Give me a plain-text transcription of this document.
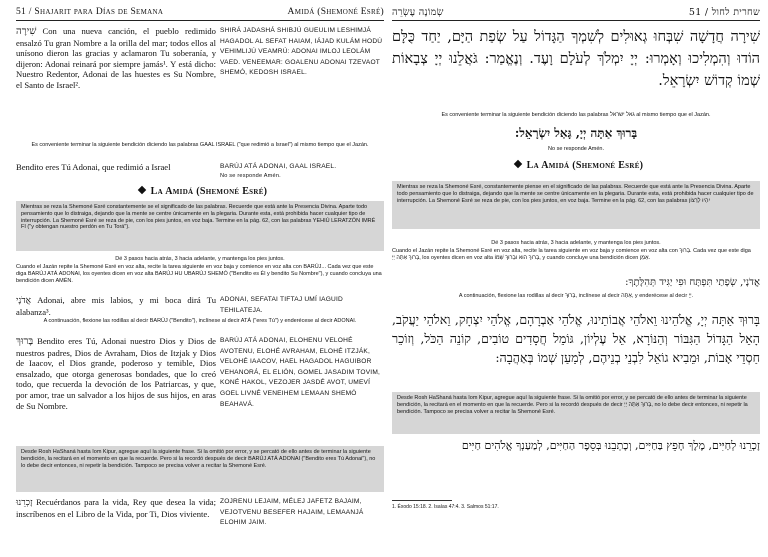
51 / Shajarit para Días de Semana	Amidá (Shemoné Esré)
שִׁירָה Con una nueva canción, el pueblo redimido ensalzó Tu gran Nombre a la orilla del mar; todos ellos al unísono dieron las gracias y aclamaron Tu soberanía, y dijeron: Adonai reinará por siempre jamás¹. Y está dicho: Nuestro Redentor, Adonai de las huestes es Su Nombre, el Santo de Israel².
SHIRÁ JADASHÁ SHIBJÚ GUEULIM LESHIMJÁ HAGADOL AL SEFAT HAIAM, IÁJAD KULÁM HODÚ VEHIMLIJÚ VEAMRÚ: ADONAI IMLOJ LEOLÁM VAED. VENEEMAR: GOALENU ADONAI TZEVAOT SHEMÓ, KEDOSH ISRAEL.
Es conveniente terminar la siguiente bendición diciendo las palabras GAAL ISRAEL ("que redimió a Israel") al mismo tiempo que el Jazán.
Bendito eres Tú Adonai, que redimió a Israel	BARÚJ ATÁ ADONAI, GAAL ISRAEL.
No se responde Amén.
La Amidá (Shemoné Esré)
Mientras se reza la Shemoné Esré constantemente se el significado de las palabras. Recuerde que está ante la Presencia Divina. Aparte todo pensamiento que lo distraiga, dejando que la mente se centre únicamente en la plegaria. Durante esta, está prohibida hacer cualquier tipo de interrupción. La Shemoné Esré se reza de pie, con los pies juntos, en voz baja. Termine en la pág. 62, con las palabras YEHIÚ LERATZÓN IMRÉ FI ("y obtengan nuestro perdón en Tu Torá").
Dé 3 pasos hacia atrás, 3 hacia adelante, y mantenga los pies juntos.
Cuando el Jazán repite la Shemoné Esré en voz alta, recite la tarea siguiente en voz baja y comience en voz alta con BARÚJ... Cada vez que este diga BARÚJ ATÁ ADONAI, los oyentes dicen en voz alta BARÚJ HU UBARÚJ SHEMÓ ("Bendito es Él y bendito Su Nombre"), y cuando concluya una bendición dicen AMÉN.
אֲדֹנָי Adonai, abre mis labios, y mi boca dirá Tu alabanza³.
ADONAI, SEFATAI TIFTAJ UMÍ IAGUID TEHILATEJA.
A continuación, flexione las rodillas al decir BARÚJ ("Bendito"), inclínese al decir ATÁ ("eres Tú") y enderécese al decir ADONAI.
בָּרוּךְ Bendito eres Tú, Adonai nuestro Dios y Dios de nuestros padres, Dios de Avraham, Dios de Itzjak y Dios de Iaacov, el Dios grande, poderoso y temible, Dios ensalzado, que otorga generosas bondades, que lo creó todo, que recuerda la devoción de los Patriarcas, y que, por amor, trae un salvador a los hijos de sus hijos, en aras de Su Nombre.
BARÚJ ATÁ ADONAI, ELOHENU VELOHÉ AVOTENU, ELOHÉ AVRAHAM, ELOHÉ ITZJÁK, VELOHÉ IAACOV, HAEL HAGADOL HAGUIBOR VEHANORÁ, EL ELIÓN, GOMEL JASADIM TOVIM, KONÉ HAKOL, VEZOJER JASDÉ AVOT, UMEVÍ GOEL LIVNÉ VENEIHEM LEMAAN SHEMÓ BEAHAVÁ.
Desde Rosh HaShaná hasta Iom Kipur, agregue aquí la siguiente frase. Si la omitió por error, y se percató de ello antes de terminar la siguiente bendición, la recitará en el momento en que la recuerde. Pero si la recordó después de decir BARÚJ ATÁ ADONAI ("Bendito eres Tú Adonai"), no lo debe decir entonces, ni repetir la bendición. Tampoco se precisa volver a recitar la Shemoné Esré.
זָכְרֵנוּ Recuérdanos para la vida, Rey que desea la vida; inscríbenos en el Libro de la Vida, por Ti, Dios viviente.
ZOJRENU LEJAIM, MÉLEJ JAFETZ BAJAIM, VEJOTVENU BESEFER HAJAIM, LEMAANJÁ ELOHIM JAIM.
שְׂמוֹנֶה עֶשְׂרֵה	שחרית לחול / 51
שִׁירָה חֲדָשָׁה שִׁבְּחוּ גְאוּלִים לְשִׁמְךָ הַגָּדוֹל עַל שְׂפַת הַיָּם, יַחַד כֻּלָּם הוֹדוּ וְהִמְלִיכוּ וְאָמְרוּ: יְיָ יִמְלֹךְ לְעֹלָם וָעֶד. וְנֶאֱמַר: גֹּאֲלֵנוּ יְיָ צְבָאוֹת שְׁמוֹ קְדוֹשׁ יִשְׂרָאֵל.
Es conveniente terminar la siguiente bendición diciendo las palabras גאל ישראל al mismo tiempo que el Jazán.
בָּרוּךְ אַתָּה יְיָ, גָּאַל יִשְׂרָאֵל:
No se responde Amén.
La Amidá (Shemoné Esré)
Mientras se reza la Shemoné Esré, constantemente piense en el significado de las palabras. Recuerde que está ante la Presencia Divina. Aparte todo pensamiento que lo distraiga, dejando que la mente se centre únicamente en la plegaria. Durante esta, está prohibida hacer cualquier tipo de interrupción. La Shemoné Esré se reza de pie, con los pies juntos, en voz baja. Termine en la pág. 62, con las palabras יִהְיוּ לְרָצוֹן
Dé 3 pasos hacia atrás, 3 hacia adelante, y mantenga los pies juntos.
Cuando el Jazán repite la Shemoné Esré en voz alta, recite la tarea siguiente en voz baja y comience en voz alta con בָּרוּךְ. Cada vez que este diga בָּרוּךְ אַתָּה יְיָ, los oyentes dicen en voz alta בָּרוּךְ הוּא וּבָרוּךְ שְׁמוֹ, y cuando concluye una bendición dicen אָמֵן.
אֲדֹנָי, שְׂפָתַי תִּפְתָּח וּפִי יַגִּיד תְּהִלָּתֶךָ:
A continuación, flexione las rodillas al decir בָּרוּךְ, inclínese al decir אַתָּה, y enderécese al decir יְיָ.
בָּרוּךְ אַתָּה יְיָ, אֱלֹהֵינוּ וֵאלֹהֵי אֲבוֹתֵינוּ, אֱלֹהֵי אַבְרָהָם, אֱלֹהֵי יִצְחָק, וֵאלֹהֵי יַעֲקֹב, הָאֵל הַגָּדוֹל הַגִּבּוֹר וְהַנּוֹרָא, אֵל עֶלְיוֹן, גּוֹמֵל חֲסָדִים טוֹבִים, קוֹנֵה הַכֹּל, וְזוֹכֵר חַסְדֵי אָבוֹת, וּמֵבִיא גוֹאֵל לִבְנֵי בְנֵיהֶם, לְמַעַן שְׁמוֹ בְּאַהֲבָה:
Desde Rosh HaShaná hasta Iom Kipur, agregue aquí la siguiente frase. Si la omitió por error, y se percató de ello antes de terminar la siguiente bendición, la recitará en el momento en que la recuerde. Pero si la recordó después de decir בָּרוּךְ אַתָּה יְיָ, no lo debe decir entonces, ni repetir la bendición. Tampoco se precisa volver a recitar la Shemoné Esré.
זָכְרֵנוּ לְחַיִּים, מֶלֶךְ חָפֵץ בַּחַיִּים, וְכָתְבֵנוּ בְּסֵפֶר הַחַיִּים, לְמַעַנְךָ אֱלֹהִים חַיִּים
1. Éxodo 15:18. 2. Isaías 47:4. 3. Salmos 51:17.
